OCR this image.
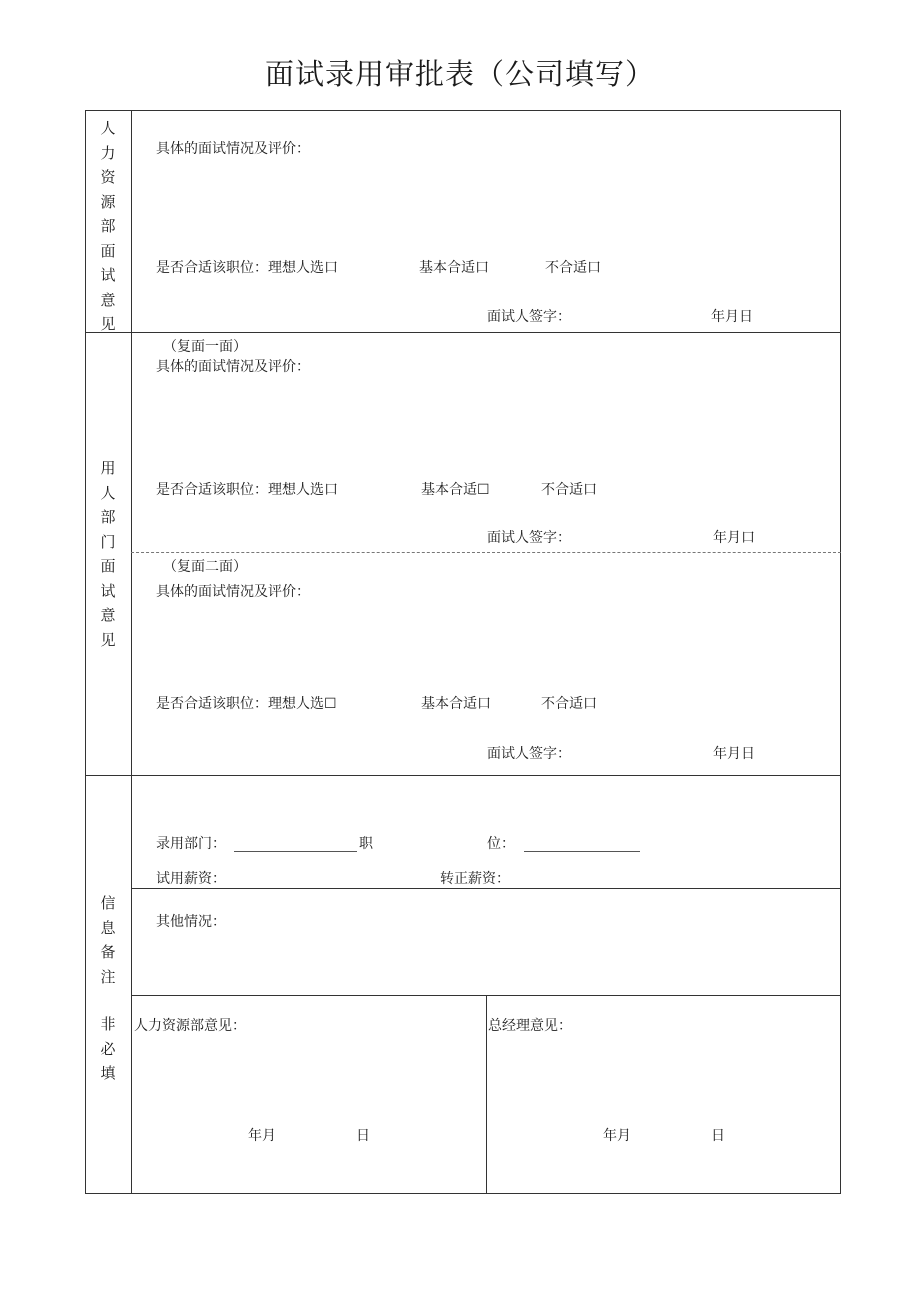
面试录用审批表（公司填写）
人
力
资
源
部
面
试
意
见
具体的面试情况及评价：
是否合适该职位：理想人选口	基本合适口	不合适口
面试人签字：	年月日
用
人
部
门
面
试
意
见
（复面一面）
具体的面试情况及评价：
是否合适该职位：理想人选口	基本合适☐	不合适口
面试人签字：	年月口
（复面二面）
具体的面试情况及评价：
是否合适该职位：理想人选☐	基本合适口	不合适口
面试人签字：	年月日
信
息
备
注
非
必
填
录用部门：	职	位：
试用薪资：	转正薪资：
其他情况：
人力资源部意见：	总经理意见：
年月	日	年月	日
